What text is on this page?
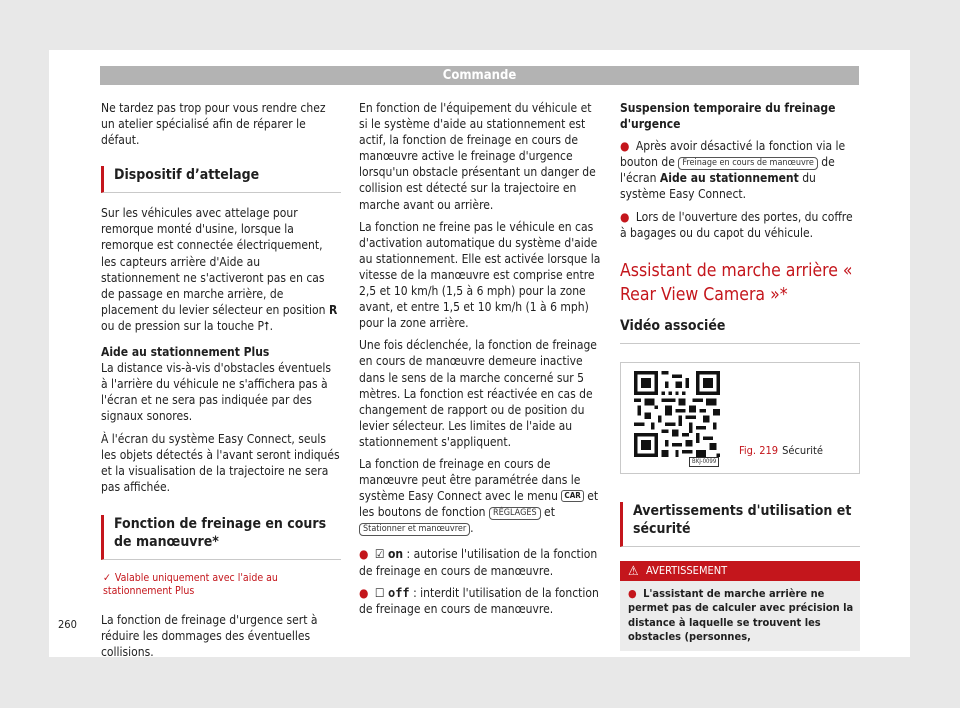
Commande

Ne tardez pas trop pour vous rendre chez un atelier spécialisé afin de réparer le défaut.

Dispositif d’attelage

Sur les véhicules avec attelage pour remorque monté d'usine, lorsque la remorque est connectée électriquement, les capteurs arrière d'Aide au stationnement ne s'activeront pas en cas de passage en marche arrière, de placement du levier sélecteur en position R ou de pression sur la touche P⭡.

Aide au stationnement Plus

La distance vis-à-vis d'obstacles éventuels à l'arrière du véhicule ne s'affichera pas à l'écran et ne sera pas indiquée par des signaux sonores.

À l'écran du système Easy Connect, seuls les objets détectés à l'avant seront indiqués et la visualisation de la trajectoire ne sera pas affichée.

Fonction de freinage en cours de manœuvre*
✓ Valable uniquement avec l'aide au stationnement Plus

La fonction de freinage d'urgence sert à réduire les dommages des éventuelles collisions.

En fonction de l'équipement du véhicule et si le système d'aide au stationnement est actif, la fonction de freinage en cours de manœuvre active le freinage d'urgence lorsqu'un obstacle présentant un danger de collision est détecté sur la trajectoire en marche avant ou arrière.

La fonction ne freine pas le véhicule en cas d'activation automatique du système d'aide au stationnement. Elle est activée lorsque la vitesse de la manœuvre est comprise entre 2,5 et 10 km/h (1,5 à 6 mph) pour la zone avant, et entre 1,5 et 10 km/h (1 à 6 mph) pour la zone arrière.

Une fois déclenchée, la fonction de freinage en cours de manœuvre demeure inactive dans le sens de la marche concerné sur 5 mètres. La fonction est réactivée en cas de changement de rapport ou de position du levier sélecteur. Les limites de l'aide au stationnement s'appliquent.

La fonction de freinage en cours de manœuvre peut être paramétrée dans le système Easy Connect avec le menu CAR et les boutons de fonction RÉGLAGES et Stationner et manœuvrer .

● ☑ on : autorise l'utilisation de la fonction de freinage en cours de manœuvre.

● ☐ off : interdit l'utilisation de la fonction de freinage en cours de manœuvre.

Suspension temporaire du freinage d'urgence

● Après avoir désactivé la fonction via le bouton de Freinage en cours de manœuvre de l'écran Aide au stationnement du système Easy Connect.

● Lors de l'ouverture des portes, du coffre à bagages ou du capot du véhicule.

Assistant de marche arrière « Rear View Camera »*
Vidéo associée
BKJ-0099
Fig. 219 Sécurité
Avertissements d'utilisation et sécurité
⚠ AVERTISSEMENT
● L'assistant de marche arrière ne permet pas de calculer avec précision la distance à laquelle se trouvent les obstacles (personnes,
260
